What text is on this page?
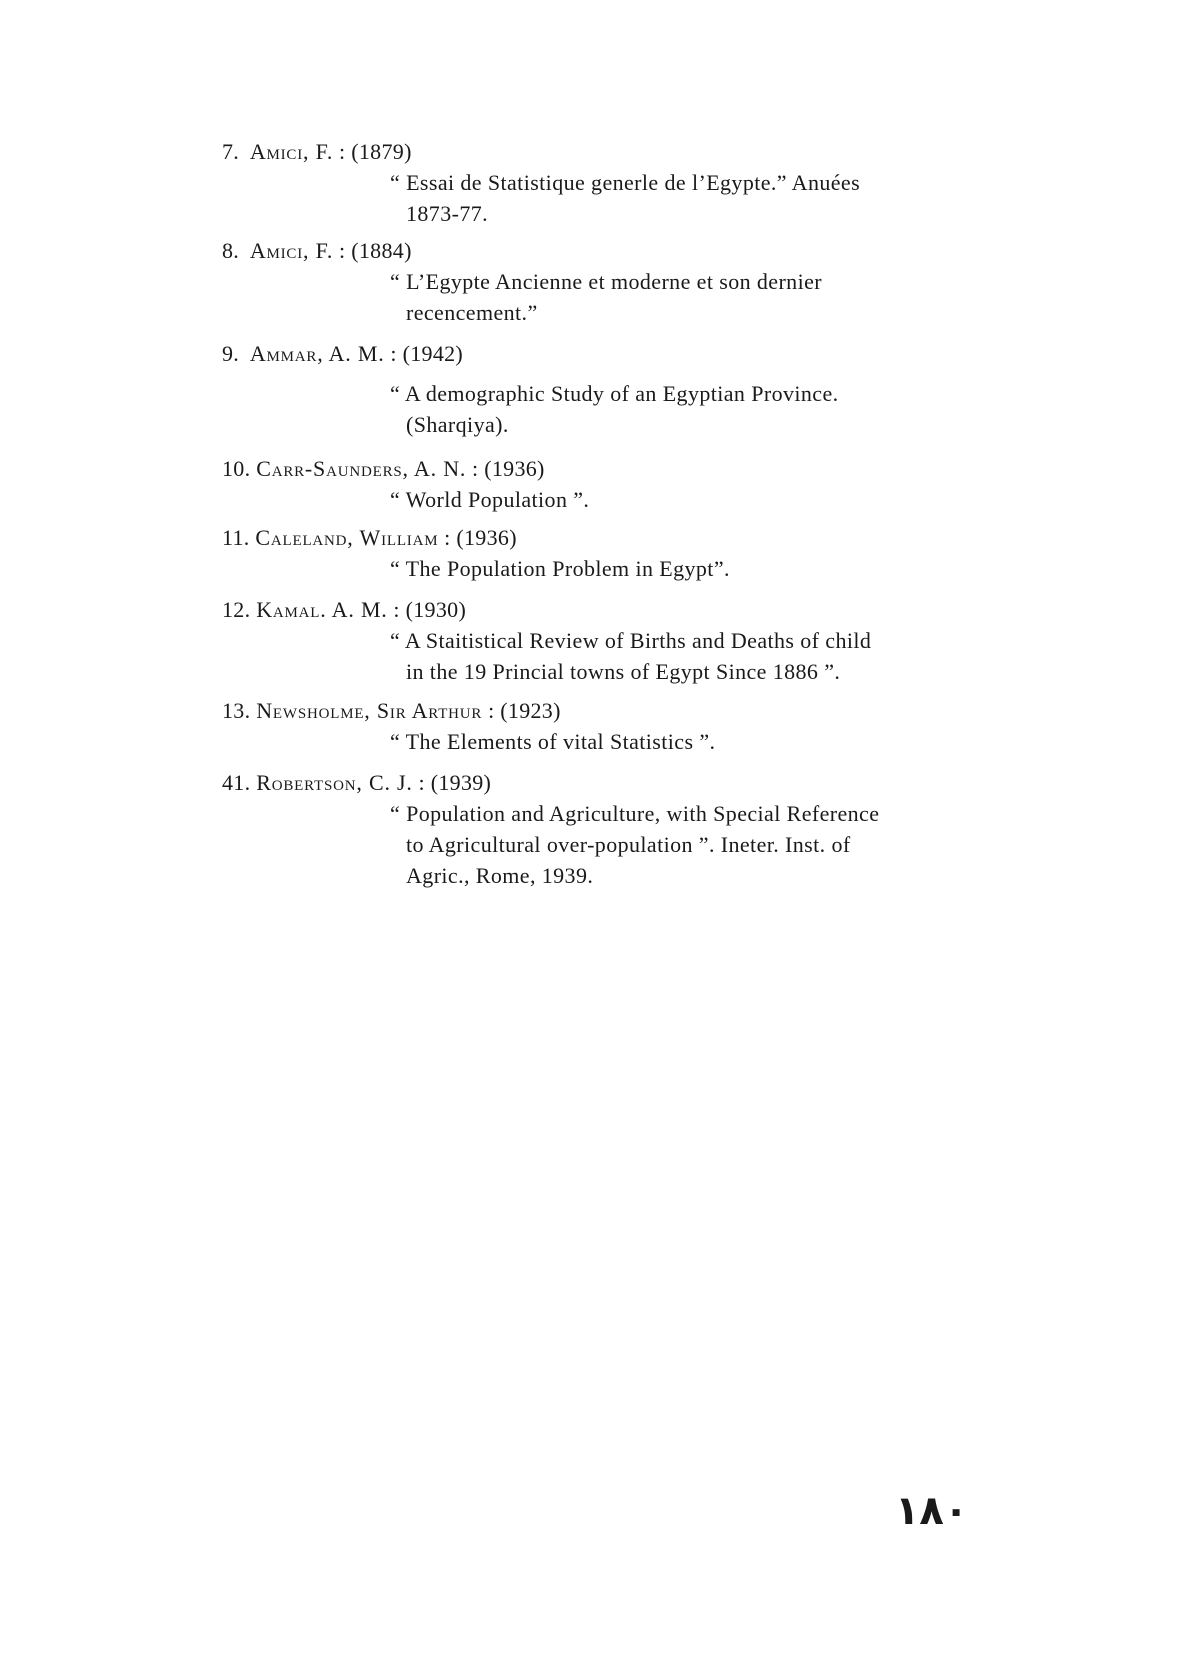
7. Amici, F. : (1879)
“ Essai de Statistique generle de l’Egypte.” Anuées
1873-77.
8. Amici, F. : (1884)
“ L’Egypte Ancienne et moderne et son dernier
recencement.”
9. Ammar, A. M. : (1942)
“ A demographic Study of an Egyptian Province.
(Sharqiya).
10. Carr-Saunders, A. N. : (1936)
“ World Population ”.
11. Caleland, William : (1936)
“ The Population Problem in Egypt”.
12. Kamal. A. M. : (1930)
“ A Staitistical Review of Births and Deaths of child
in the 19 Princial towns of Egypt Since 1886 ”.
13. Newsholme, Sir Arthur : (1923)
“ The Elements of vital Statistics ”.
41. Robertson, C. J. : (1939)
“ Population and Agriculture, with Special Reference
to Agricultural over-population ”. Ineter. Inst. of
Agric., Rome, 1939.
١٨٠
